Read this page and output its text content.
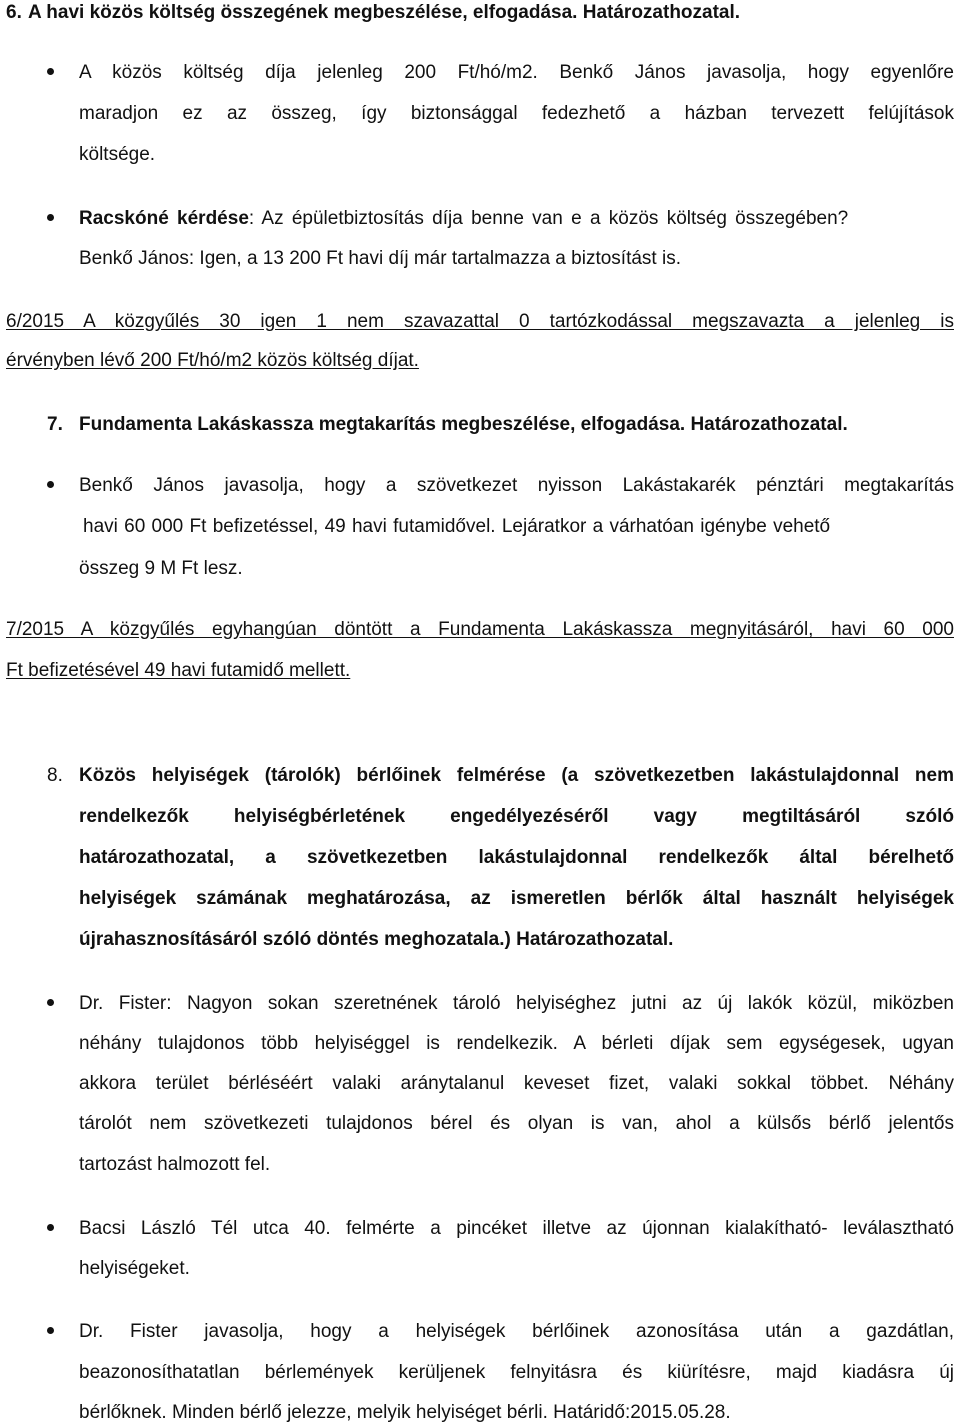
6. A havi közös költség összegének megbeszélése, elfogadása. Határozathozatal.
A közös költség díja jelenleg 200 Ft/hó/m2. Benkő János javasolja, hogy egyenlőre
maradjon ez az összeg, így biztonsággal fedezhető a házban tervezett felújítások
költsége.
Racskóné kérdése: Az épületbiztosítás díja benne van e a közös költség összegében?
Benkő János: Igen, a 13 200 Ft havi díj már tartalmazza a biztosítást is.
6/2015 A közgyűlés 30 igen 1 nem szavazattal 0 tartózkodással megszavazta a jelenleg is
érvényben lévő 200 Ft/hó/m2 közös költség díjat.
7. Fundamenta Lakáskassza megtakarítás megbeszélése, elfogadása. Határozathozatal.
Benkő János javasolja, hogy a szövetkezet nyisson Lakástakarék pénztári megtakarítás
havi 60 000 Ft befizetéssel, 49 havi futamidővel. Lejáratkor a várhatóan igénybe vehető
összeg 9 M Ft lesz.
7/2015 A közgyűlés egyhangúan döntött a Fundamenta Lakáskassza megnyitásáról, havi 60 000
Ft befizetésével 49 havi futamidő mellett.
8. Közös helyiségek (tárolók) bérlőinek felmérése (a szövetkezetben lakástulajdonnal nem
rendelkezők helyiségbérletének engedélyezéséről vagy megtiltásáról szóló
határozathozatal, a szövetkezetben lakástulajdonnal rendelkezők által bérelhető
helyiségek számának meghatározása, az ismeretlen bérlők által használt helyiségek
újrahasznosításáról szóló döntés meghozatala.) Határozathozatal.
Dr. Fister: Nagyon sokan szeretnének tároló helyiséghez jutni az új lakók közül, miközben
néhány tulajdonos több helyiséggel is rendelkezik. A bérleti díjak sem egységesek, ugyan
akkora terület bérléséért valaki aránytalanul keveset fizet, valaki sokkal többet. Néhány
tárolót nem szövetkezeti tulajdonos bérel és olyan is van, ahol a külsős bérlő jelentős
tartozást halmozott fel.
Bacsi László Tél utca 40. felmérte a pincéket illetve az újonnan kialakítható- leválasztható
helyiségeket.
Dr. Fister javasolja, hogy a helyiségek bérlőinek azonosítása után a gazdátlan,
beazonosíthatatlan bérlemények kerüljenek felnyitásra és kiürítésre, majd kiadásra új
bérlőknek. Minden bérlő jelezze, melyik helyiséget bérli. Határidő:2015.05.28.
